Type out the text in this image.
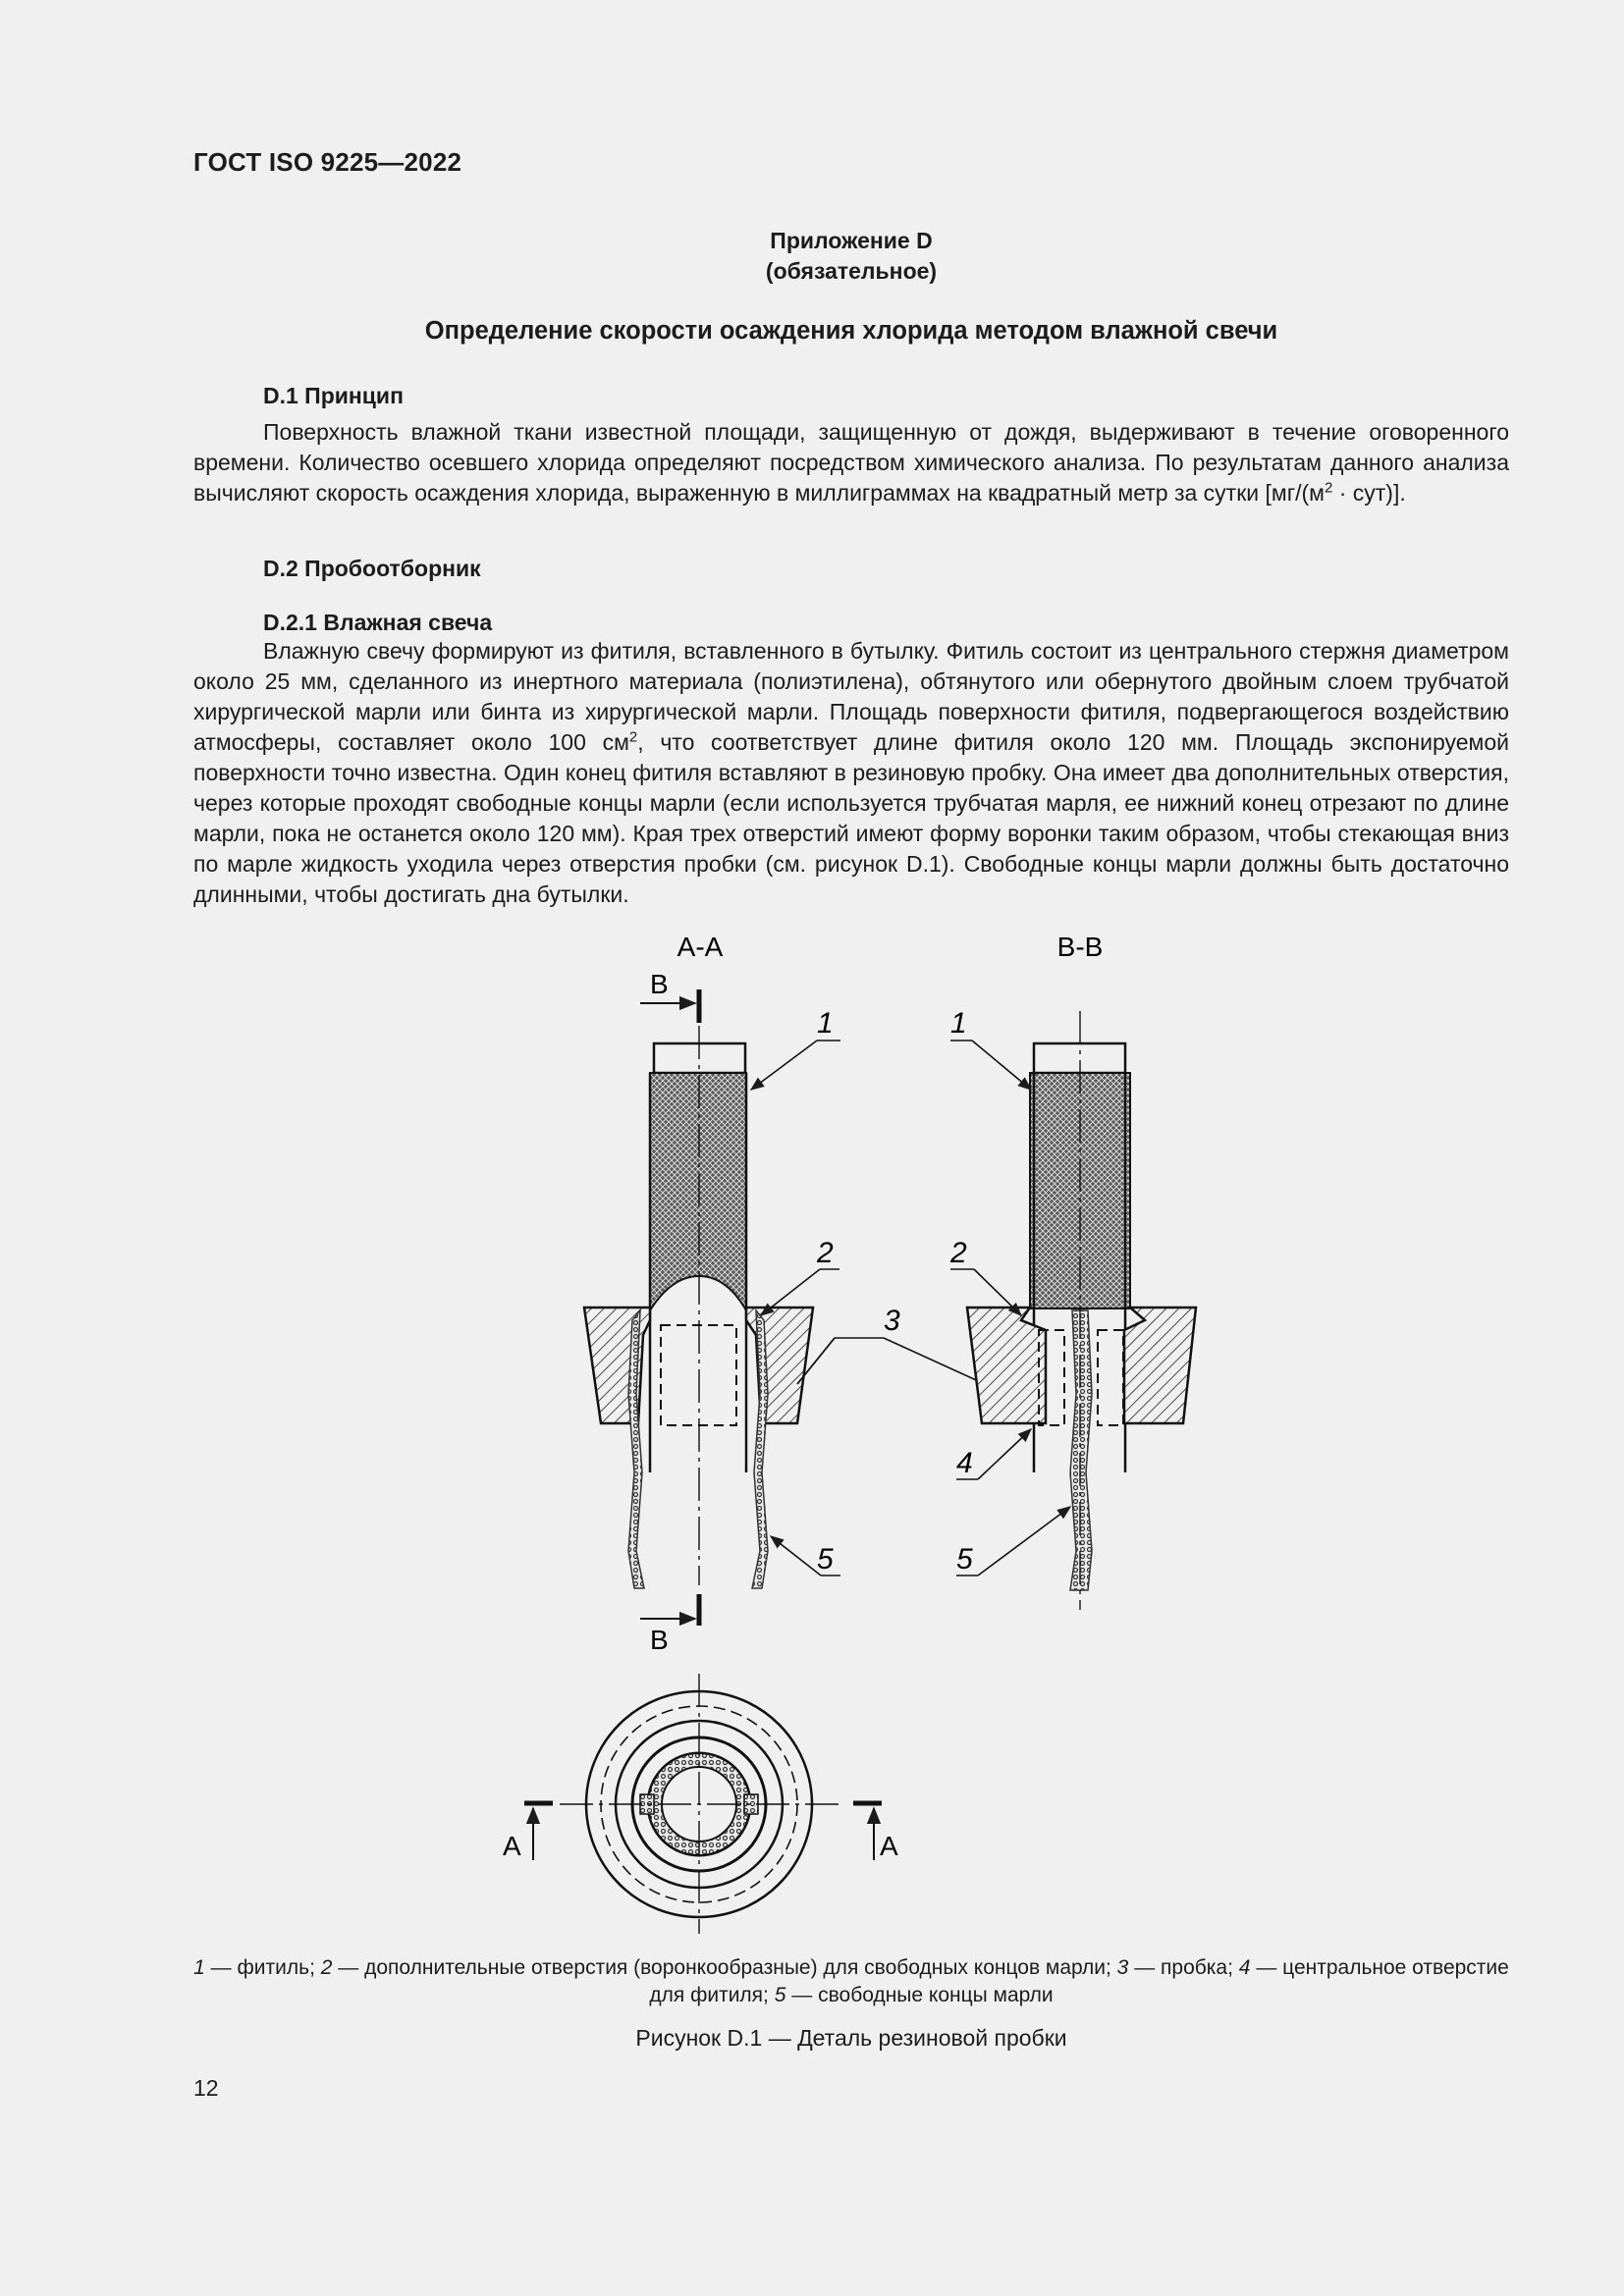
ГОСТ ISO 9225—2022
Приложение D
(обязательное)
Определение скорости осаждения хлорида методом влажной свечи
D.1 Принцип

Поверхность влажной ткани известной площади, защищенную от дождя, выдерживают в течение оговоренного времени. Количество осевшего хлорида определяют посредством химического анализа. По результатам данного анализа вычисляют скорость осаждения хлорида, выраженную в миллиграммах на квадратный метр за сутки $[мг/(м^2 \cdot сут)]$.

D.2 Пробоотборник
D.2.1 Влажная свеча

Влажную свечу формируют из фитиля, вставленного в бутылку. Фитиль состоит из центрального стержня диаметром около 25 мм, сделанного из инертного материала (полиэтилена), обтянутого или обернутого двойным слоем трубчатой хирургической марли или бинта из хирургической марли. Площадь поверхности фитиля, подвергающегося воздействию атмосферы, составляет около 100 $см^2$, что соответствует длине фитиля около 120 мм. Площадь экспонируемой поверхности точно известна. Один конец фитиля вставляют в резиновую пробку. Она имеет два дополнительных отверстия, через которые проходят свободные концы марли (если используется трубчатая марля, ее нижний конец отрезают по длине марли, пока не останется около 120 мм). Края трех отверстий имеют форму воронки таким образом, чтобы стекающая вниз по марле жидкость уходила через отверстия пробки (см. рисунок D.1). Свободные концы марли должны быть достаточно длинными, чтобы достигать дна бутылки.

A-A	B-B
B
B
1
2
5
3
1
2
4
5
A	A
1 — фитиль; 2 — дополнительные отверстия (воронкообразные) для свободных концов марли; 3 — пробка; 4 — центральное отверстие для фитиля; 5 — свободные концы марли
Рисунок D.1 — Деталь резиновой пробки
12
